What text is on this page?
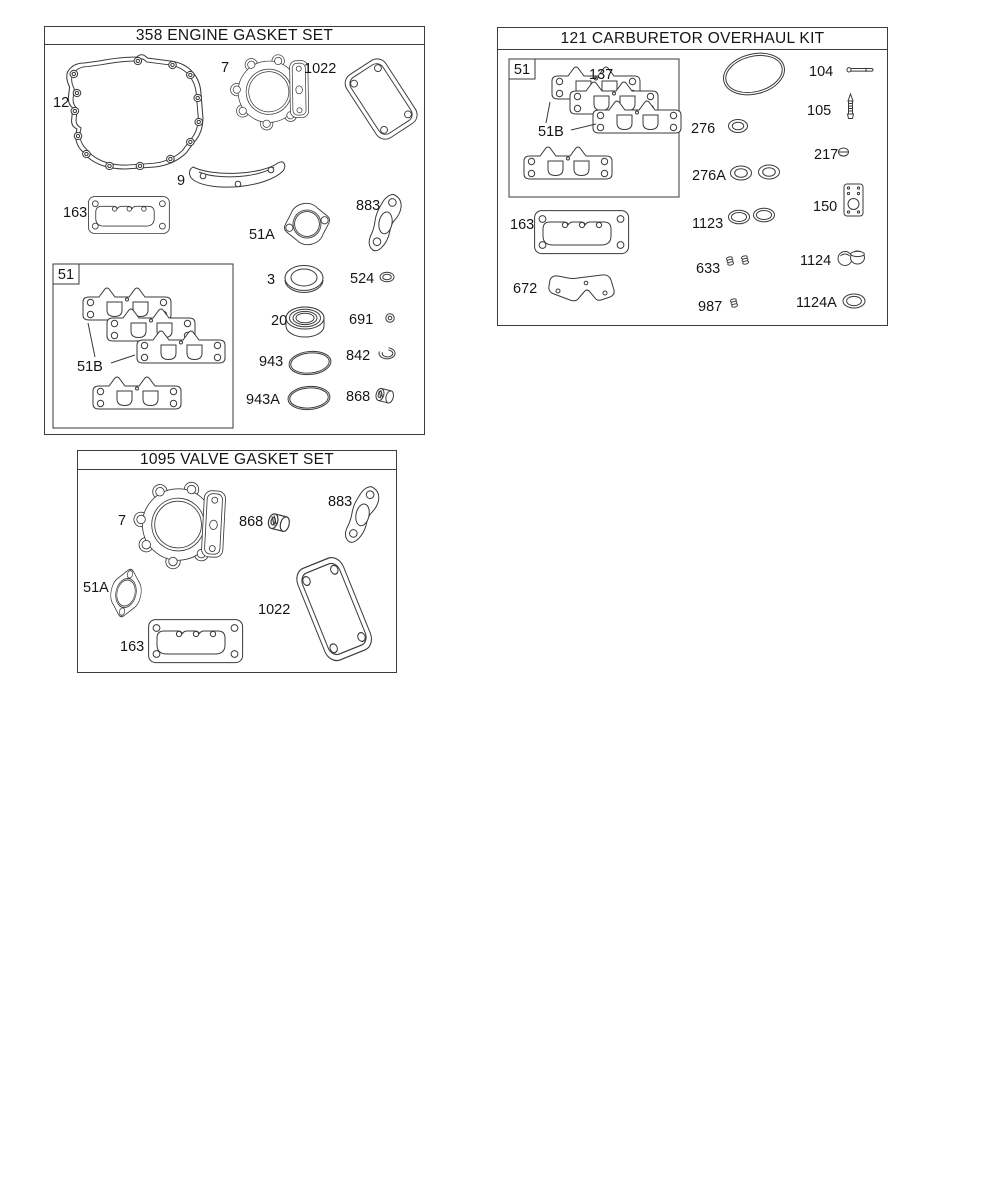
12
7	1022
9
163
51A
883
51
51B
3	524
20	691
943	842
943A	868
358 ENGINE GASKET SET
51
51B
137	104
276
105
217
150
163	1123
276A
672
633	1124
987	1124A
121 CARBURETOR OVERHAUL KIT
7	868
883
51A
1022
163
1095 VALVE GASKET SET
